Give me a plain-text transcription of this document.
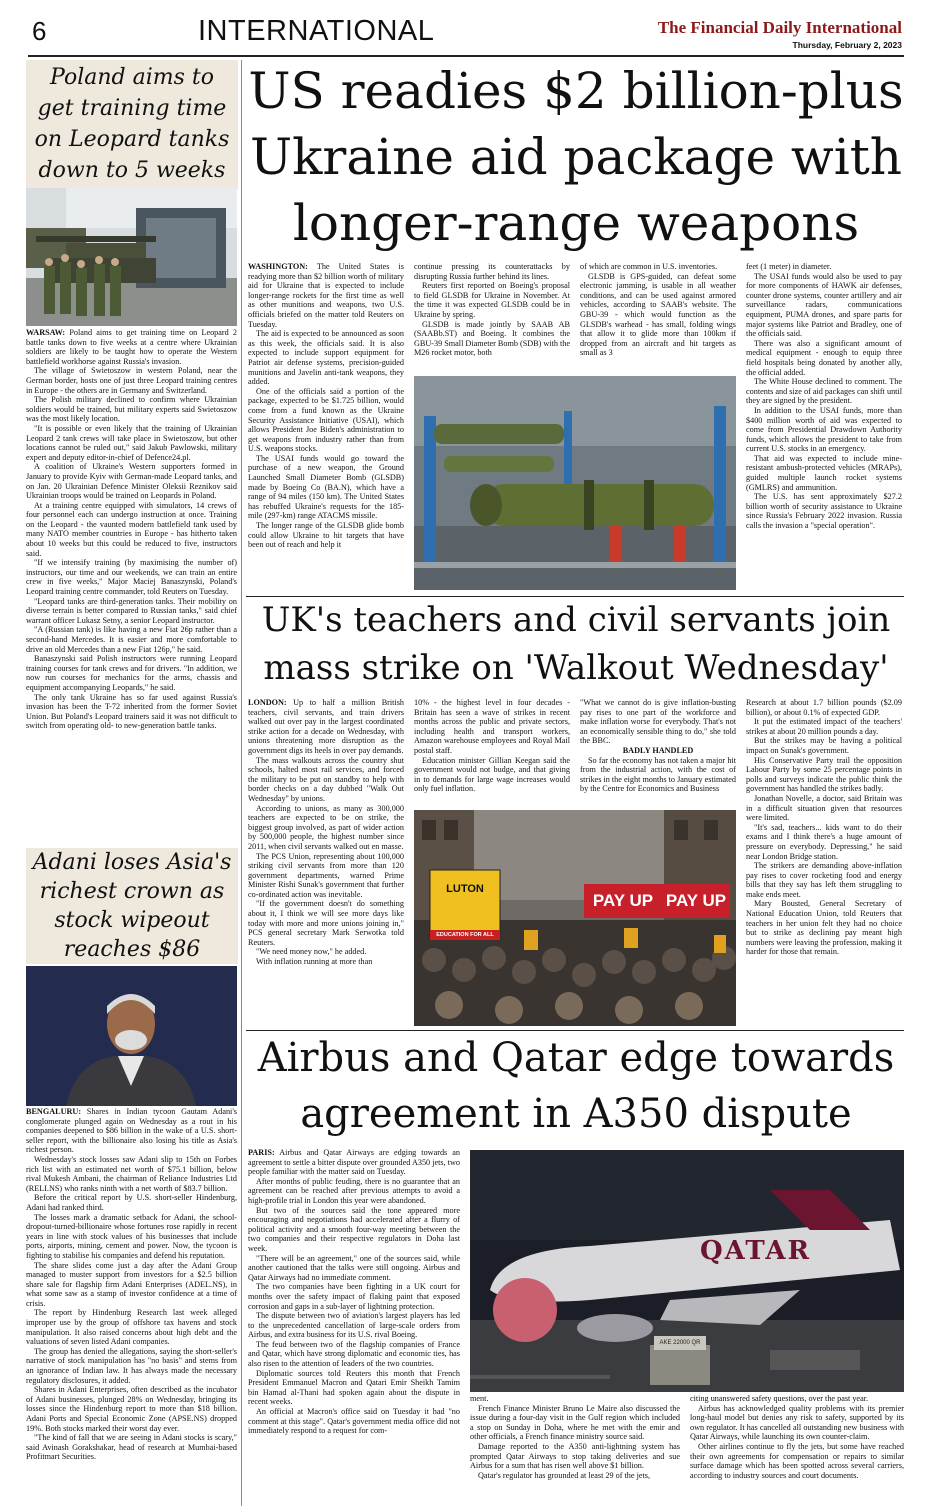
6	INTERNATIONAL	The Financial Daily International
Thursday, February 2, 2023
Poland aims to get training time on Leopard tanks down to 5 weeks

WARSAW: Poland aims to get training time on Leopard 2 battle tanks down to five weeks at a centre where Ukrainian soldiers are likely to be taught how to operate the Western battlefield workhorse against Russia's invasion.

The village of Swietoszow in western Poland, near the German border, hosts one of just three Leopard training centres in Europe - the others are in Germany and Switzerland.

The Polish military declined to confirm where Ukrainian soldiers would be trained, but military experts said Swietoszow was the most likely location.

"It is possible or even likely that the training of Ukrainian Leopard 2 tank crews will take place in Swietoszow, but other locations cannot be ruled out," said Jakub Pawlowski, military expert and deputy editor-in-chief of Defence24.pl.

A coalition of Ukraine's Western supporters formed in January to provide Kyiv with German-made Leopard tanks, and on Jan. 20 Ukrainian Defence Minister Oleksii Reznikov said Ukrainian troops would be trained on Leopards in Poland.

At a training centre equipped with simulators, 14 crews of four personnel each can undergo instruction at once. Training on the Leopard - the vaunted modern battlefield tank used by many NATO member countries in Europe - has hitherto taken about 10 weeks but this could be reduced to five, instructors said.

"If we intensify training (by maximising the number of) instructors, our time and our weekends, we can train an entire crew in five weeks," Major Maciej Banaszynski, Poland's Leopard training centre commander, told Reuters on Tuesday.

"Leopard tanks are third-generation tanks. Their mobility on diverse terrain is better compared to Russian tanks," said chief warrant officer Lukasz Setny, a senior Leopard instructor.

"A (Russian tank) is like having a new Fiat 26p rather than a second-hand Mercedes. It is easier and more comfortable to drive an old Mercedes than a new Fiat 126p," he said.

Banaszynski said Polish instructors were running Leopard training courses for tank crews and for drivers. "In addition, we now run courses for mechanics for the arms, chassis and equipment accompanying Leopards," he said.

The only tank Ukraine has so far used against Russia's invasion has been the T-72 inherited from the former Soviet Union. But Poland's Leopard trainers said it was not difficult to switch from operating old- to new-generation battle tanks.

Adani loses Asia's richest crown as stock wipeout reaches $86

BENGALURU: Shares in Indian tycoon Gautam Adani's conglomerate plunged again on Wednesday as a rout in his companies deepened to $86 billion in the wake of a U.S. short-seller report, with the billionaire also losing his title as Asia's richest person.

Wednesday's stock losses saw Adani slip to 15th on Forbes rich list with an estimated net worth of $75.1 billion, below rival Mukesh Ambani, the chairman of Reliance Industries Ltd (RELI.NS) who ranks ninth with a net worth of $83.7 billion.

Before the critical report by U.S. short-seller Hindenburg, Adani had ranked third.

The losses mark a dramatic setback for Adani, the school-dropout-turned-billionaire whose fortunes rose rapidly in recent years in line with stock values of his businesses that include ports, airports, mining, cement and power. Now, the tycoon is fighting to stabilise his companies and defend his reputation.

The share slides come just a day after the Adani Group managed to muster support from investors for a $2.5 billion share sale for flagship firm Adani Enterprises (ADEL.NS), in what some saw as a stamp of investor confidence at a time of crisis.

The report by Hindenburg Research last week alleged improper use by the group of offshore tax havens and stock manipulation. It also raised concerns about high debt and the valuations of seven listed Adani companies.

The group has denied the allegations, saying the short-seller's narrative of stock manipulation has "no basis" and stems from an ignorance of Indian law. It has always made the necessary regulatory disclosures, it added.

Shares in Adani Enterprises, often described as the incubator of Adani businesses, plunged 28% on Wednesday, bringing its losses since the Hindenburg report to more than $18 billion. Adani Ports and Special Economic Zone (APSE.NS) dropped 19%. Both stocks marked their worst day ever.

"The kind of fall that we are seeing in Adani stocks is scary," said Avinash Gorakshakar, head of research at Mumbai-based Profitmart Securities.

US readies $2 billion-plus Ukraine aid package with longer-range weapons

WASHINGTON: The United States is readying more than $2 billion worth of military aid for Ukraine that is expected to include longer-range rockets for the first time as well as other munitions and weapons, two U.S. officials briefed on the matter told Reuters on Tuesday.

The aid is expected to be announced as soon as this week, the officials said. It is also expected to include support equipment for Patriot air defense systems, precision-guided munitions and Javelin anti-tank weapons, they added.

One of the officials said a portion of the package, expected to be $1.725 billion, would come from a fund known as the Ukraine Security Assistance Initiative (USAI), which allows President Joe Biden's administration to get weapons from industry rather than from U.S. weapons stocks.

The USAI funds would go toward the purchase of a new weapon, the Ground Launched Small Diameter Bomb (GLSDB) made by Boeing Co (BA.N), which have a range of 94 miles (150 km). The United States has rebuffed Ukraine's requests for the 185-mile (297-km) range ATACMS missile.

The longer range of the GLSDB glide bomb could allow Ukraine to hit targets that have been out of reach and help it

continue pressing its counterattacks by disrupting Russia further behind its lines.

Reuters first reported on Boeing's proposal to field GLSDB for Ukraine in November. At the time it was expected GLSDB could be in Ukraine by spring.

GLSDB is made jointly by SAAB AB (SAABb.ST) and Boeing. It combines the GBU-39 Small Diameter Bomb (SDB) with the M26 rocket motor, both

of which are common in U.S. inventories.

GLSDB is GPS-guided, can defeat some electronic jamming, is usable in all weather conditions, and can be used against armored vehicles, according to SAAB's website. The GBU-39 - which would function as the GLSDB's warhead - has small, folding wings that allow it to glide more than 100km if dropped from an aircraft and hit targets as small as 3

feet (1 meter) in diameter.

The USAI funds would also be used to pay for more components of HAWK air defenses, counter drone systems, counter artillery and air surveillance radars, communications equipment, PUMA drones, and spare parts for major systems like Patriot and Bradley, one of the officials said.

There was also a significant amount of medical equipment - enough to equip three field hospitals being donated by another ally, the official added.

The White House declined to comment. The contents and size of aid packages can shift until they are signed by the president.

In addition to the USAI funds, more than $400 million worth of aid was expected to come from Presidential Drawdown Authority funds, which allows the president to take from current U.S. stocks in an emergency.

That aid was expected to include mine-resistant ambush-protected vehicles (MRAPs), guided multiple launch rocket systems (GMLRS) and ammunition.

The U.S. has sent approximately $27.2 billion worth of security assistance to Ukraine since Russia's February 2022 invasion. Russia calls the invasion a "special operation".

UK's teachers and civil servants join mass strike on 'Walkout Wednesday'

LONDON: Up to half a million British teachers, civil servants, and train drivers walked out over pay in the largest coordinated strike action for a decade on Wednesday, with unions threatening more disruption as the government digs its heels in over pay demands.

The mass walkouts across the country shut schools, halted most rail services, and forced the military to be put on standby to help with border checks on a day dubbed "Walk Out Wednesday" by unions.

According to unions, as many as 300,000 teachers are expected to be on strike, the biggest group involved, as part of wider action by 500,000 people, the highest number since 2011, when civil servants walked out en masse.

The PCS Union, representing about 100,000 striking civil servants from more than 120 government departments, warned Prime Minister Rishi Sunak's government that further co-ordinated action was inevitable.

"If the government doesn't do something about it, I think we will see more days like today with more and more unions joining in," PCS general secretary Mark Serwotka told Reuters.

"We need money now," he added.

With inflation running at more than

10% - the highest level in four decades - Britain has seen a wave of strikes in recent months across the public and private sectors, including health and transport workers, Amazon warehouse employees and Royal Mail postal staff.

Education minister Gillian Keegan said the government would not budge, and that giving in to demands for large wage increases would only fuel inflation.

"What we cannot do is give inflation-busting pay rises to one part of the workforce and make inflation worse for everybody. That's not an economically sensible thing to do," she told the BBC.

BADLY HANDLED

So far the economy has not taken a major hit from the industrial action, with the cost of strikes in the eight months to January estimated by the Centre for Economics and Business

Research at about 1.7 billion pounds ($2.09 billion), or about 0.1% of expected GDP.

It put the estimated impact of the teachers' strikes at about 20 million pounds a day.

But the strikes may be having a political impact on Sunak's government.

His Conservative Party trail the opposition Labour Party by some 25 percentage points in polls and surveys indicate the public think the government has handled the strikes badly.

Jonathan Novelle, a doctor, said Britain was in a difficult situation given that resources were limited.

"It's sad, teachers... kids want to do their exams and I think there's a huge amount of pressure on everybody. Depressing," he said near London Bridge station.

The strikers are demanding above-inflation pay rises to cover rocketing food and energy bills that they say has left them struggling to make ends meet.

Mary Bousted, General Secretary of National Education Union, told Reuters that teachers in her union felt they had no choice but to strike as declining pay meant high numbers were leaving the profession, making it harder for those that remain.

LUTON
EDUCATION FOR ALL
PAY UP PAY UP
Airbus and Qatar edge towards agreement in A350 dispute

PARIS: Airbus and Qatar Airways are edging towards an agreement to settle a bitter dispute over grounded A350 jets, two people familiar with the matter said on Tuesday.

After months of public feuding, there is no guarantee that an agreement can be reached after previous attempts to avoid a high-profile trial in London this year were abandoned.

But two of the sources said the tone appeared more encouraging and negotiations had accelerated after a flurry of political activity and a smooth four-way meeting between the two companies and their respective regulators in Doha last week.

"There will be an agreement," one of the sources said, while another cautioned that the talks were still ongoing. Airbus and Qatar Airways had no immediate comment.

The two companies have been fighting in a UK court for months over the safety impact of flaking paint that exposed corrosion and gaps in a sub-layer of lightning protection.

The dispute between two of aviation's largest players has led to the unprecedented cancellation of large-scale orders from Airbus, and extra business for its U.S. rival Boeing.

The feud between two of the flagship companies of France and Qatar, which have strong diplomatic and economic ties, has also risen to the attention of leaders of the two countries.

Diplomatic sources told Reuters this month that French President Emmanuel Macron and Qatari Emir Sheikh Tamim bin Hamad al-Thani had spoken again about the dispute in recent weeks.

An official at Macron's office said on Tuesday it had "no comment at this stage". Qatar's government media office did not immediately respond to a request for com-

QATAR
AKE 22000 QR

ment.

French Finance Minister Bruno Le Maire also discussed the issue during a four-day visit in the Gulf region which included a stop on Sunday in Doha, where he met with the emir and other officials, a French finance ministry source said.

Damage reported to the A350 anti-lightning system has prompted Qatar Airways to stop taking deliveries and sue Airbus for a sum that has risen well above $1 billion.

Qatar's regulator has grounded at least 29 of the jets,

citing unanswered safety questions, over the past year.

Airbus has acknowledged quality problems with its premier long-haul model but denies any risk to safety, supported by its own regulator. It has cancelled all outstanding new business with Qatar Airways, while launching its own counter-claim.

Other airlines continue to fly the jets, but some have reached their own agreements for compensation or repairs to similar surface damage which has been spotted across several carriers, according to industry sources and court documents.
